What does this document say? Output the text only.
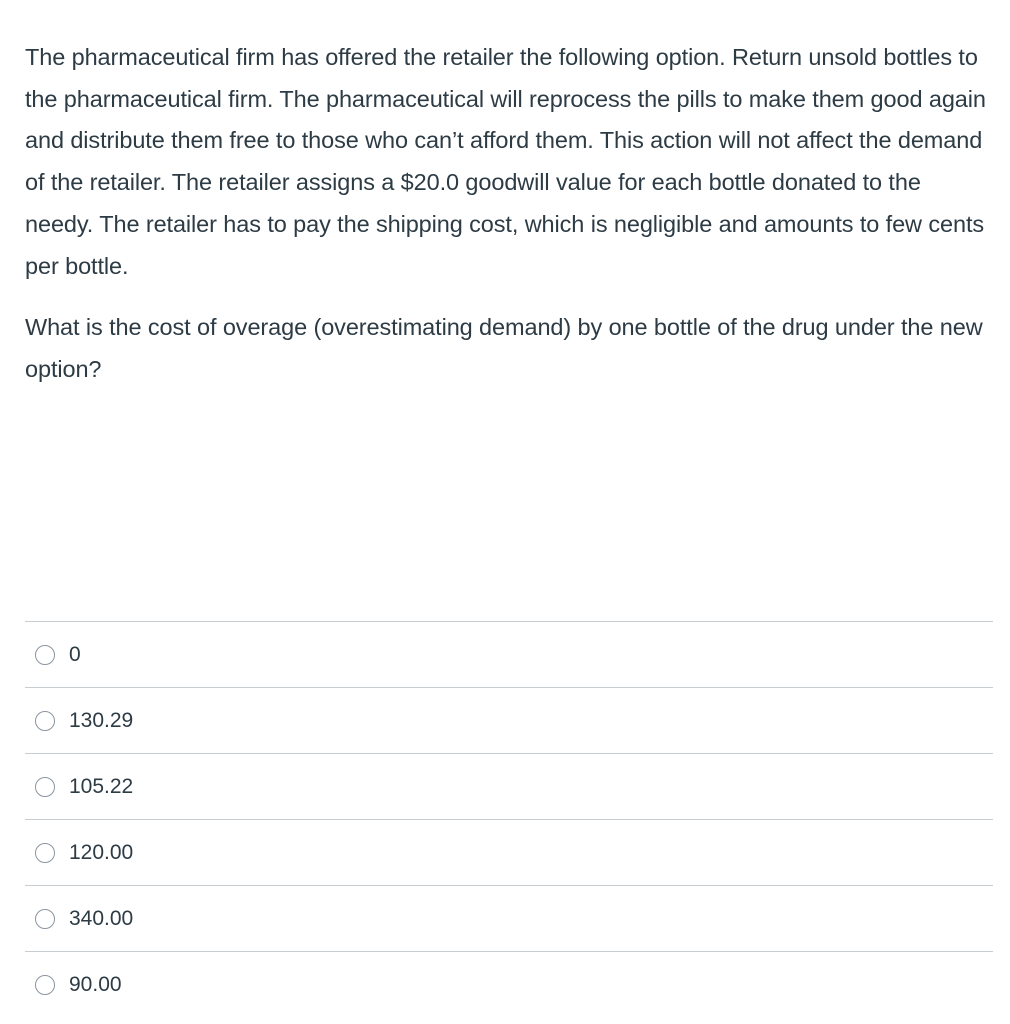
The pharmaceutical firm has offered the retailer the following option. Return unsold bottles to the pharmaceutical firm. The pharmaceutical will reprocess the pills to make them good again and distribute them free to those who can’t afford them. This action will not affect the demand of the retailer. The retailer assigns a $20.0 goodwill value for each bottle donated to the needy. The retailer has to pay the shipping cost, which is negligible and amounts to few cents per bottle.

What is the cost of overage (overestimating demand) by one bottle of the drug under the new option?

0
130.29
105.22
120.00
340.00
90.00
